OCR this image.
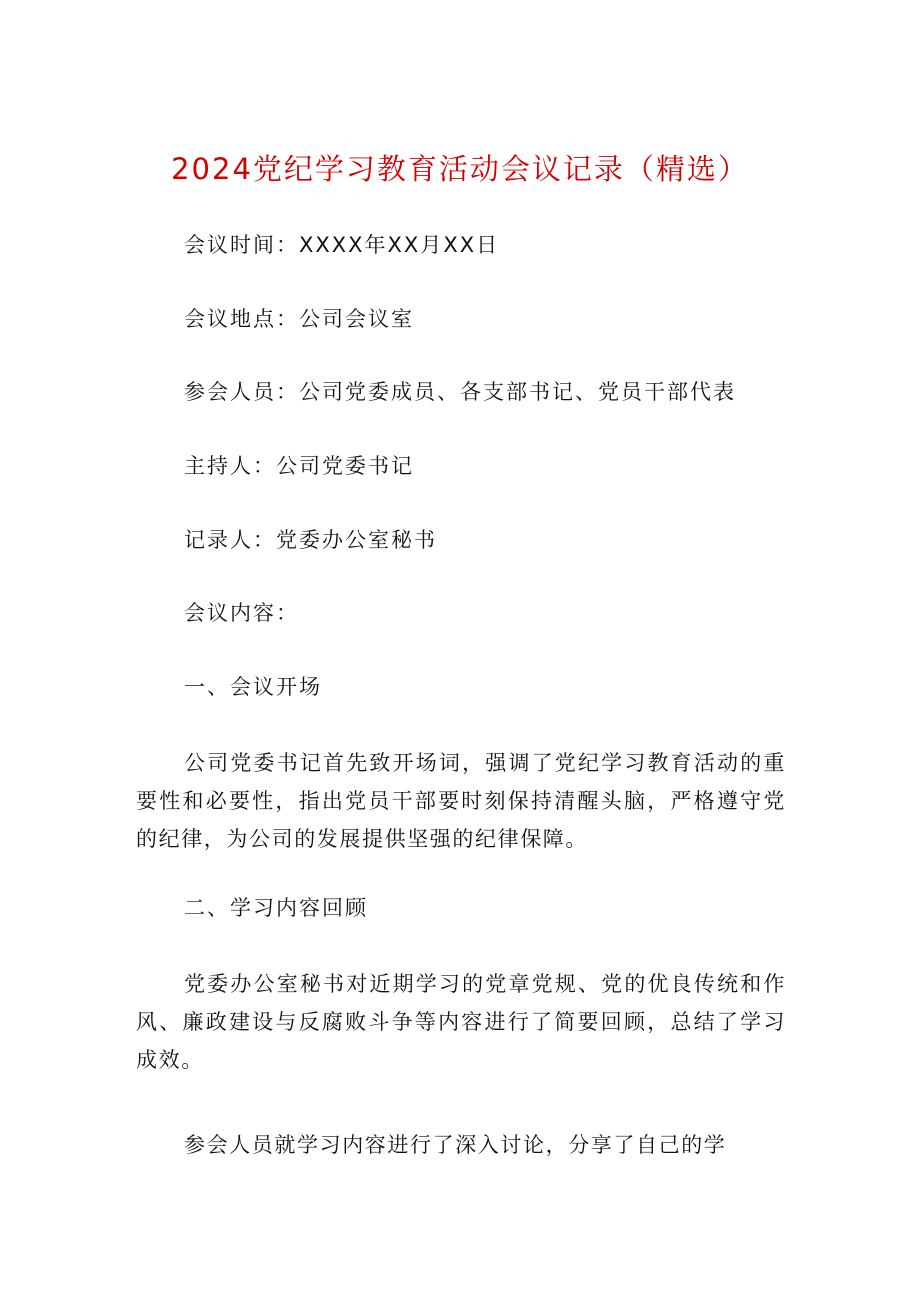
2024党纪学习教育活动会议记录（精选）
会议时间：XXXX年XX月XX日
会议地点：公司会议室
参会人员：公司党委成员、各支部书记、党员干部代表
主持人：公司党委书记
记录人：党委办公室秘书
会议内容：
一、会议开场

公司党委书记首先致开场词，强调了党纪学习教育活动的重要性和必要性，指出党员干部要时刻保持清醒头脑，严格遵守党的纪律，为公司的发展提供坚强的纪律保障。

二、学习内容回顾

党委办公室秘书对近期学习的党章党规、党的优良传统和作风、廉政建设与反腐败斗争等内容进行了简要回顾，总结了学习成效。

参会人员就学习内容进行了深入讨论，分享了自己的学
